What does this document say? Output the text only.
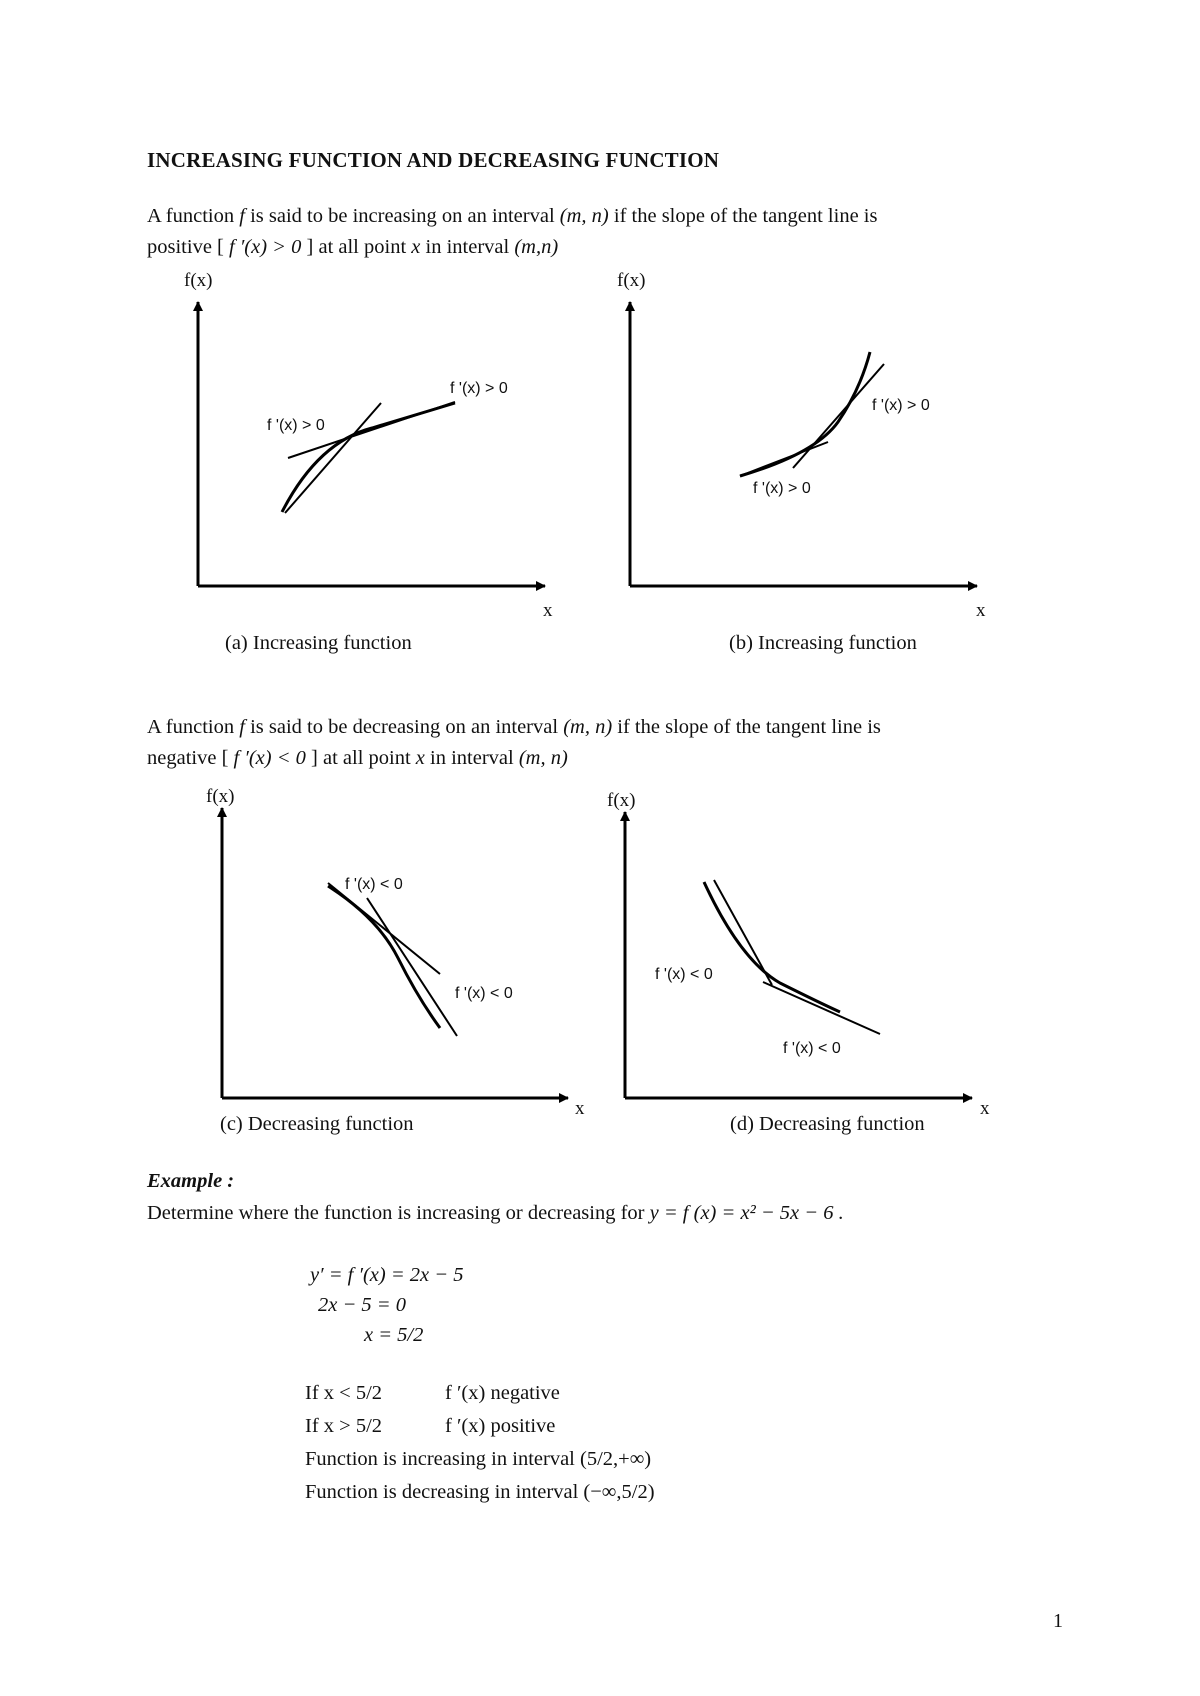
INCREASING FUNCTION AND DECREASING FUNCTION
A function f is said to be increasing on an interval (m, n) if the slope of the tangent line is
positive [ f ′(x) > 0 ] at all point x in interval (m,n)
f(x)
x
f '(x) > 0
f '(x) > 0
(a) Increasing function
f(x)
x
f '(x) > 0
f '(x) > 0
(b) Increasing function
A function f is said to be decreasing on an interval (m, n) if the slope of the tangent line is
negative [ f ′(x) < 0 ] at all point x in interval (m, n)
f(x)
x
f '(x) < 0
f '(x) < 0
(c) Decreasing function
f(x)
x
f '(x) < 0
f '(x) < 0
(d) Decreasing function
Example :
Determine where the function is increasing or decreasing for y = f (x) = x² − 5x − 6 .
y′ = f ′(x) = 2x − 5
2x − 5 = 0
x = 5/2
If x < 5/2	f ′(x) negative
If x > 5/2	f ′(x) positive
Function is increasing in interval (5/2,+∞)
Function is decreasing in interval (−∞,5/2)
1
